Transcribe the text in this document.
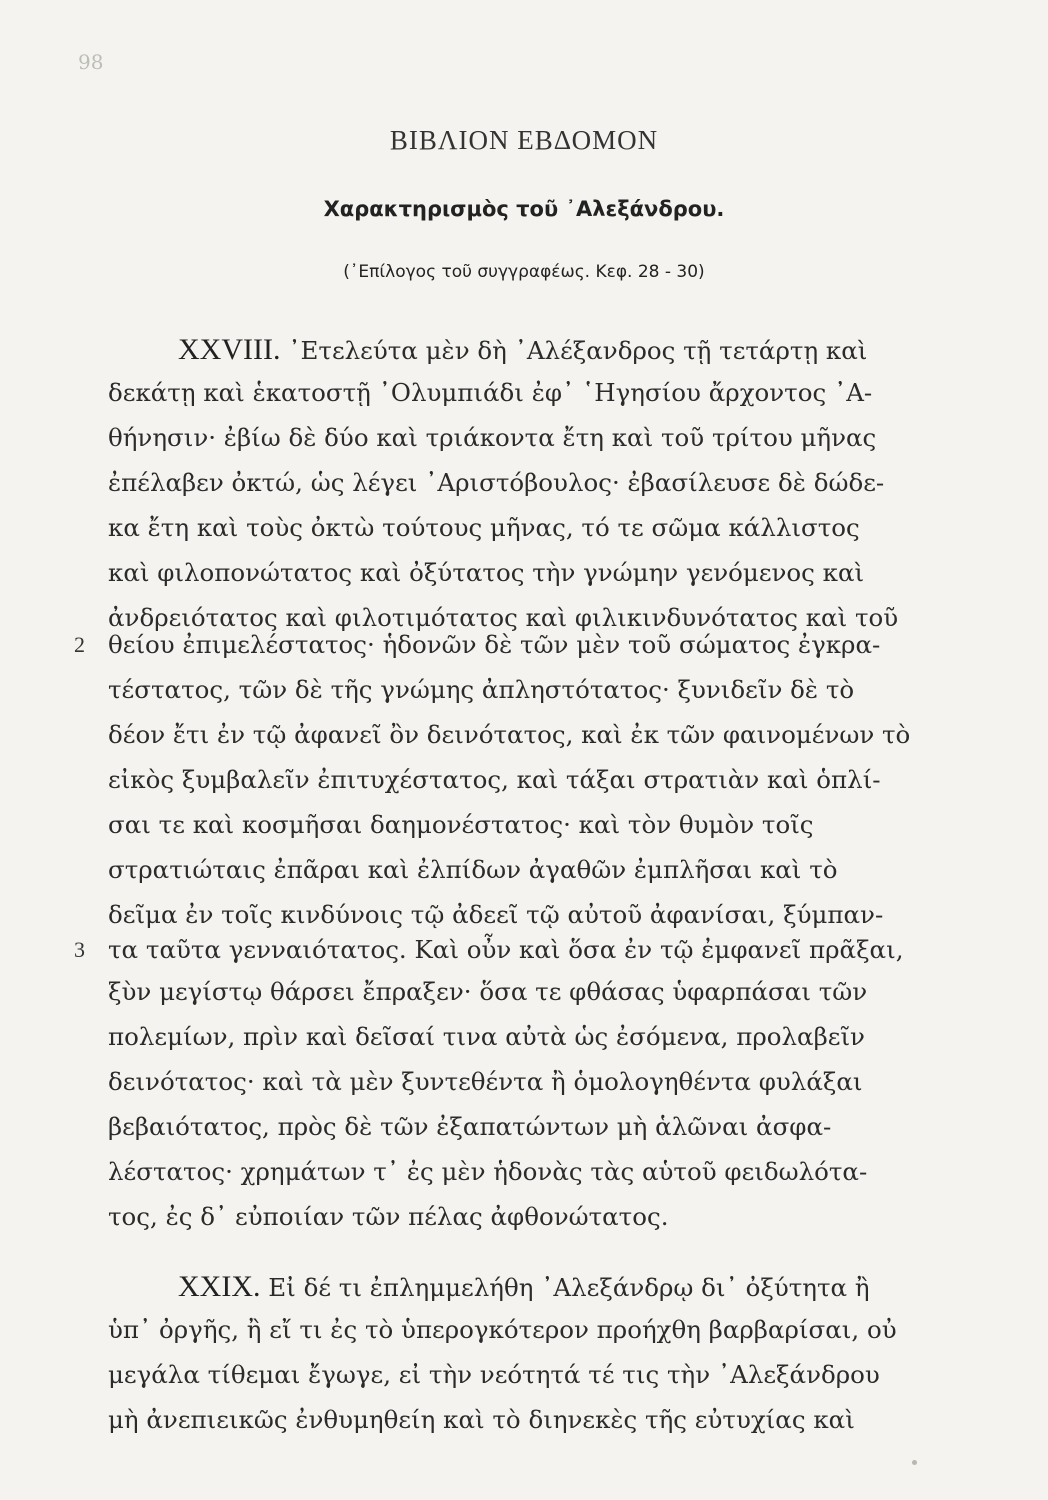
98
ΒΙΒΛΙΟΝ ΕΒΔΟΜΟΝ
Χαρακτηρισμὸς τοῦ ᾿Αλεξάνδρου.
(᾿Επίλογος τοῦ συγγραφέως. Κεφ. 28 - 30)
XXVIII. ᾿Ετελεύτα μὲν δὴ ᾿Αλέξανδρος τῇ τετάρτῃ καὶ
δεκάτῃ καὶ ἑκατοστῇ ᾿Ολυμπιάδι ἐφ᾿ ῾Ηγησίου ἄρχοντος ᾿Α-
θήνησιν· ἐβίω δὲ δύο καὶ τριάκοντα ἔτη καὶ τοῦ τρίτου μῆνας
ἐπέλαβεν ὀκτώ, ὡς λέγει ᾿Αριστόβουλος· ἐβασίλευσε δὲ δώδε-
κα ἔτη καὶ τοὺς ὀκτὼ τούτους μῆνας, τό τε σῶμα κάλλιστος
καὶ φιλοπονώτατος καὶ ὀξύτατος τὴν γνώμην γενόμενος καὶ
ἀνδρειότατος καὶ φιλοτιμότατος καὶ φιλικινδυνότατος καὶ τοῦ
2 θείου ἐπιμελέστατος· ἡδονῶν δὲ τῶν μὲν τοῦ σώματος ἐγκρα-
τέστατος, τῶν δὲ τῆς γνώμης ἀπληστότατος· ξυνιδεῖν δὲ τὸ
δέον ἔτι ἐν τῷ ἀφανεῖ ὂν δεινότατος, καὶ ἐκ τῶν φαινομένων τὸ
εἰκὸς ξυμβαλεῖν ἐπιτυχέστατος, καὶ τάξαι στρατιὰν καὶ ὁπλί-
σαι τε καὶ κοσμῆσαι δαημονέστατος· καὶ τὸν θυμὸν τοῖς
στρατιώταις ἐπᾶραι καὶ ἐλπίδων ἀγαθῶν ἐμπλῆσαι καὶ τὸ
δεῖμα ἐν τοῖς κινδύνοις τῷ ἀδεεῖ τῷ αὐτοῦ ἀφανίσαι, ξύμπαν-
3 τα ταῦτα γενναιότατος. Καὶ οὖν καὶ ὅσα ἐν τῷ ἐμφανεῖ πρᾶξαι,
ξὺν μεγίστῳ θάρσει ἔπραξεν· ὅσα τε φθάσας ὑφαρπάσαι τῶν
πολεμίων, πρὶν καὶ δεῖσαί τινα αὐτὰ ὡς ἐσόμενα, προλαβεῖν
δεινότατος· καὶ τὰ μὲν ξυντεθέντα ἢ ὁμολογηθέντα φυλάξαι
βεβαιότατος, πρὸς δὲ τῶν ἐξαπατώντων μὴ ἁλῶναι ἀσφα-
λέστατος· χρημάτων τ᾿ ἐς μὲν ἡδονὰς τὰς αὑτοῦ φειδωλότα-
τος, ἐς δ᾿ εὐποιίαν τῶν πέλας ἀφθονώτατος.
XXIX. Εἰ δέ τι ἐπλημμελήθη ᾿Αλεξάνδρῳ δι᾿ ὀξύτητα ἢ
ὑπ᾿ ὀργῆς, ἢ εἴ τι ἐς τὸ ὑπερογκότερον προήχθη βαρβαρίσαι, οὐ
μεγάλα τίθεμαι ἔγωγε, εἰ τὴν νεότητά τέ τις τὴν ᾿Αλεξάνδρου
μὴ ἀνεπιεικῶς ἐνθυμηθείη καὶ τὸ διηνεκὲς τῆς εὐτυχίας καὶ
